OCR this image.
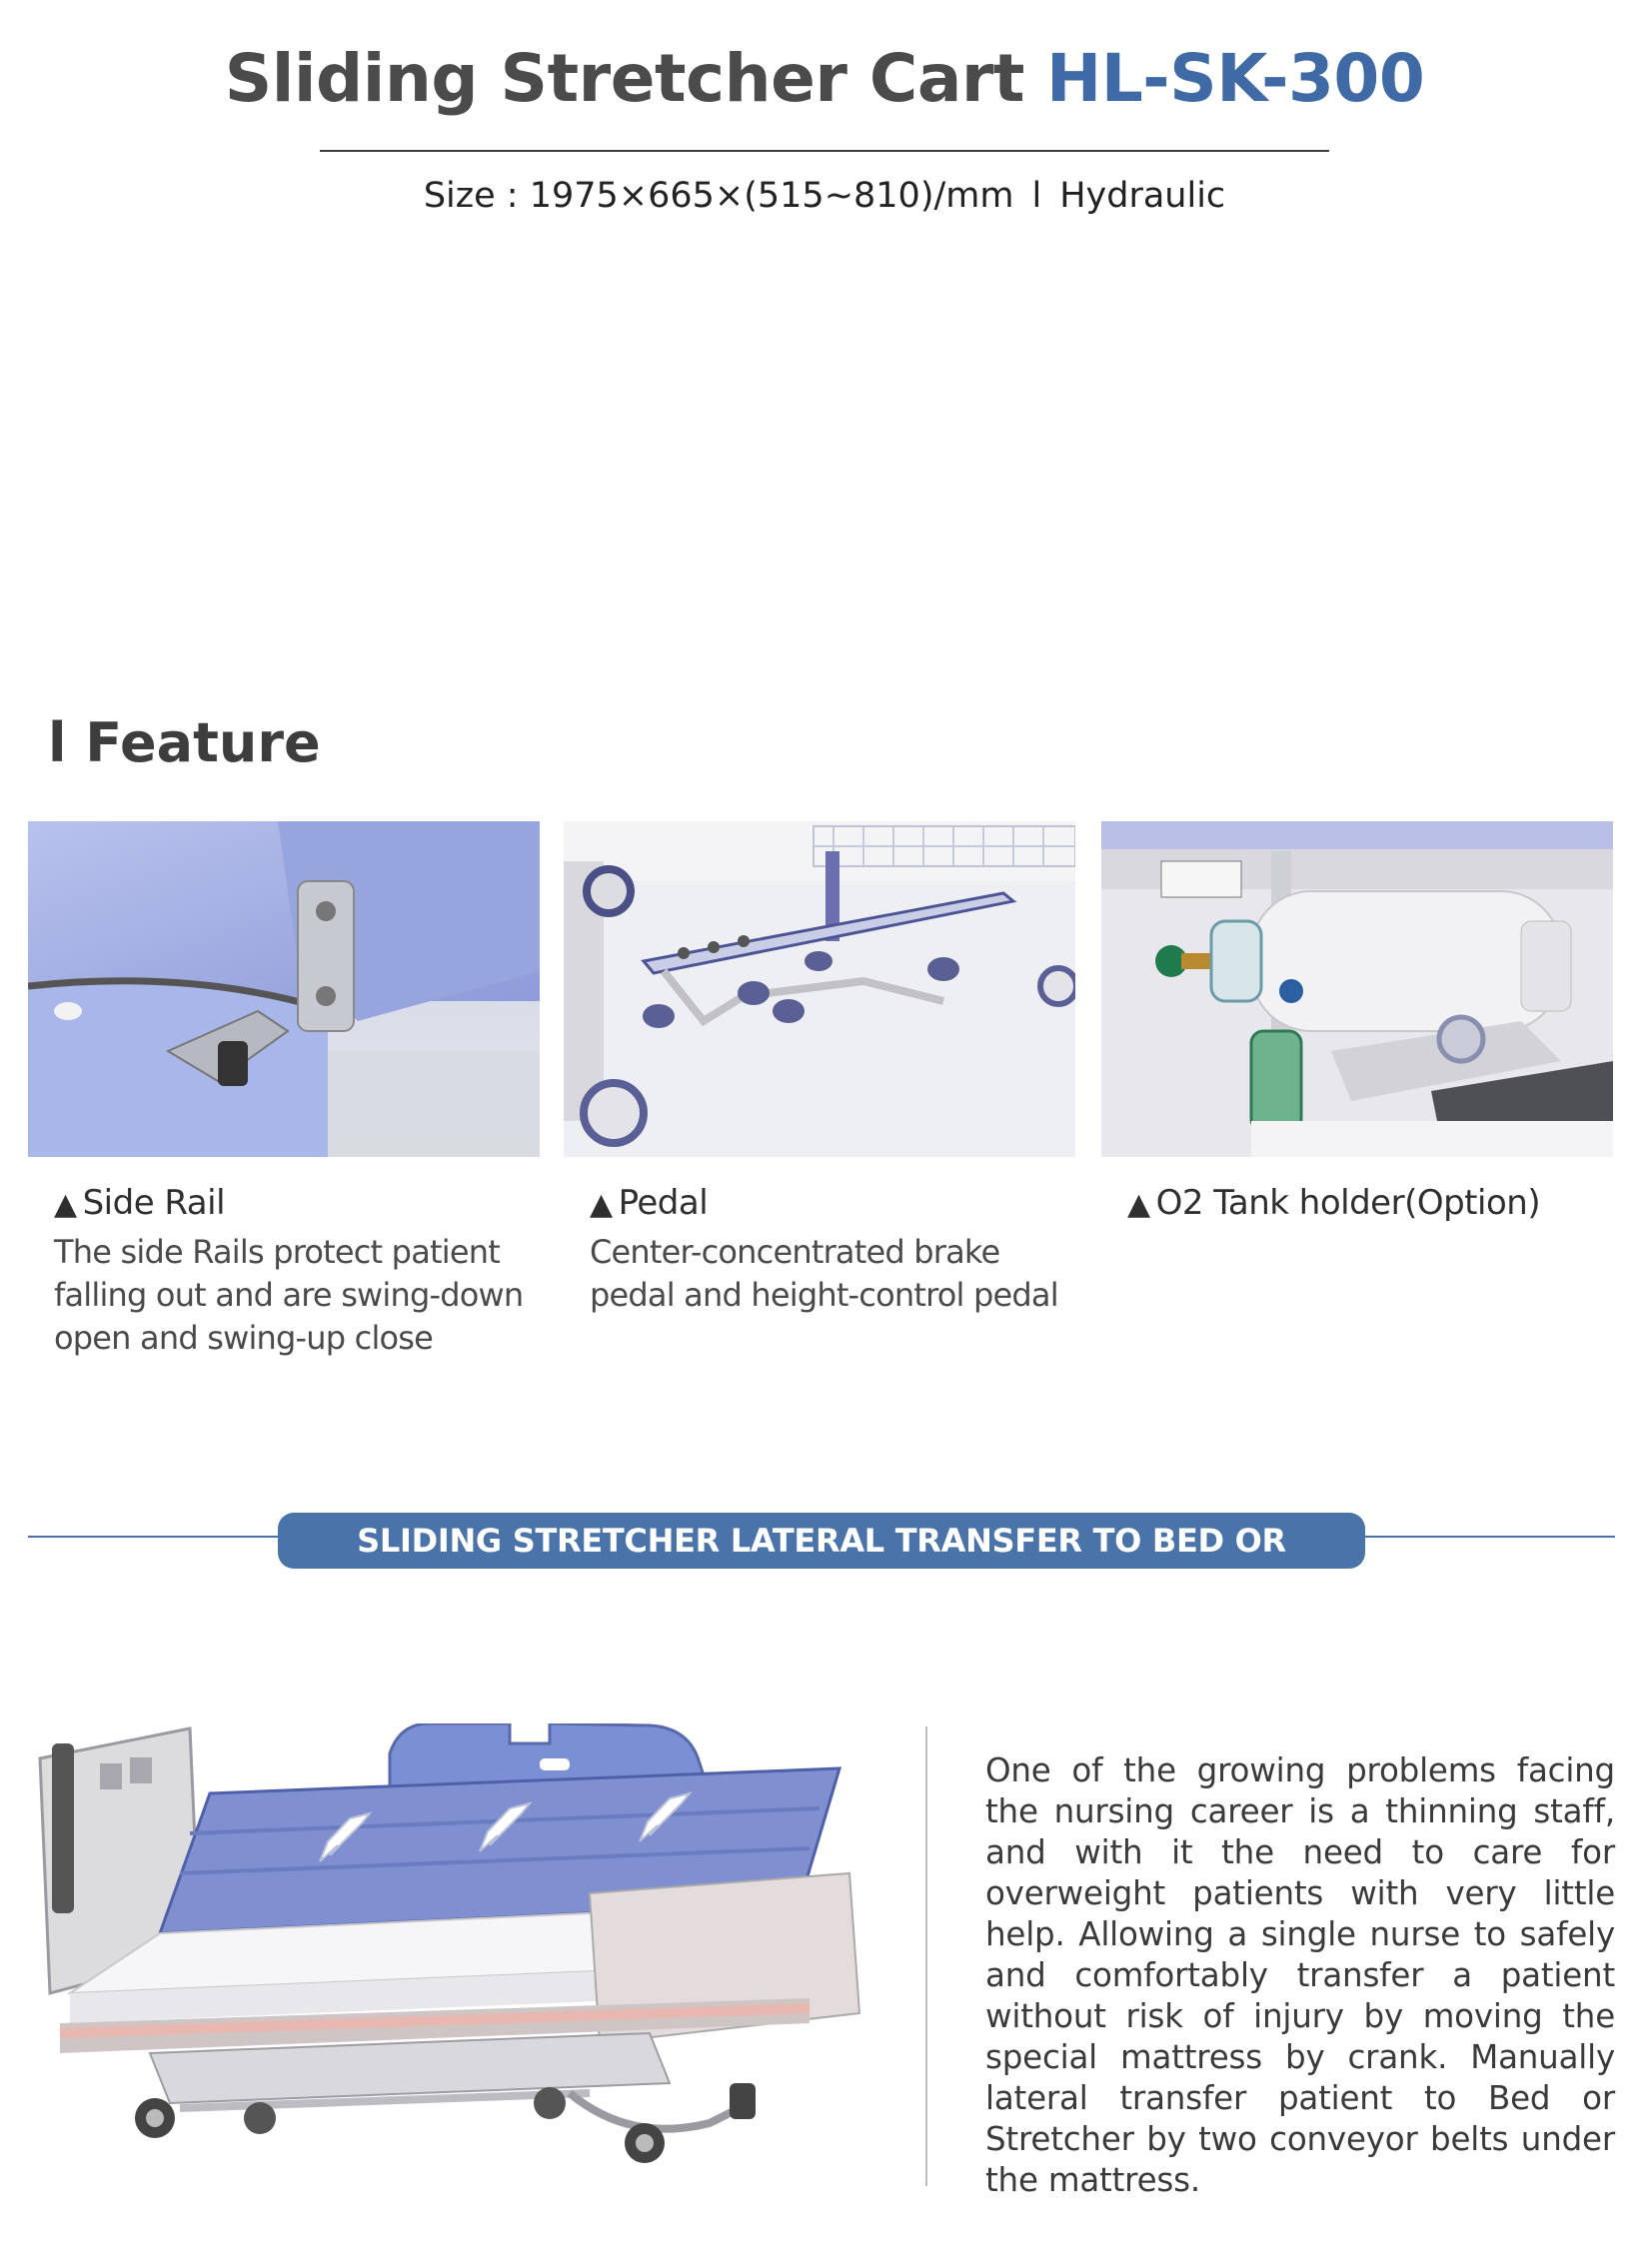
Sliding Stretcher Cart HL-SK-300
Size : 1975×665×(515~810)/mm l Hydraulic
l Feature
▲ Side Rail
The side Rails protect patient falling out and are swing-down open and swing-up close
▲ Pedal
Center-concentrated brake pedal and height-control pedal
▲ O2 Tank holder(Option)
SLIDING STRETCHER LATERAL TRANSFER TO BED OR STRETCHER
One of the growing problems facing the nursing career is a thinning staff, and with it the need to care for overweight patients with very little help. Allowing a single nurse to safely and comfortably transfer a patient without risk of injury by moving the special mattress by crank. Manually lateral transfer patient to Bed or Stretcher by two conveyor belts under the mattress.
